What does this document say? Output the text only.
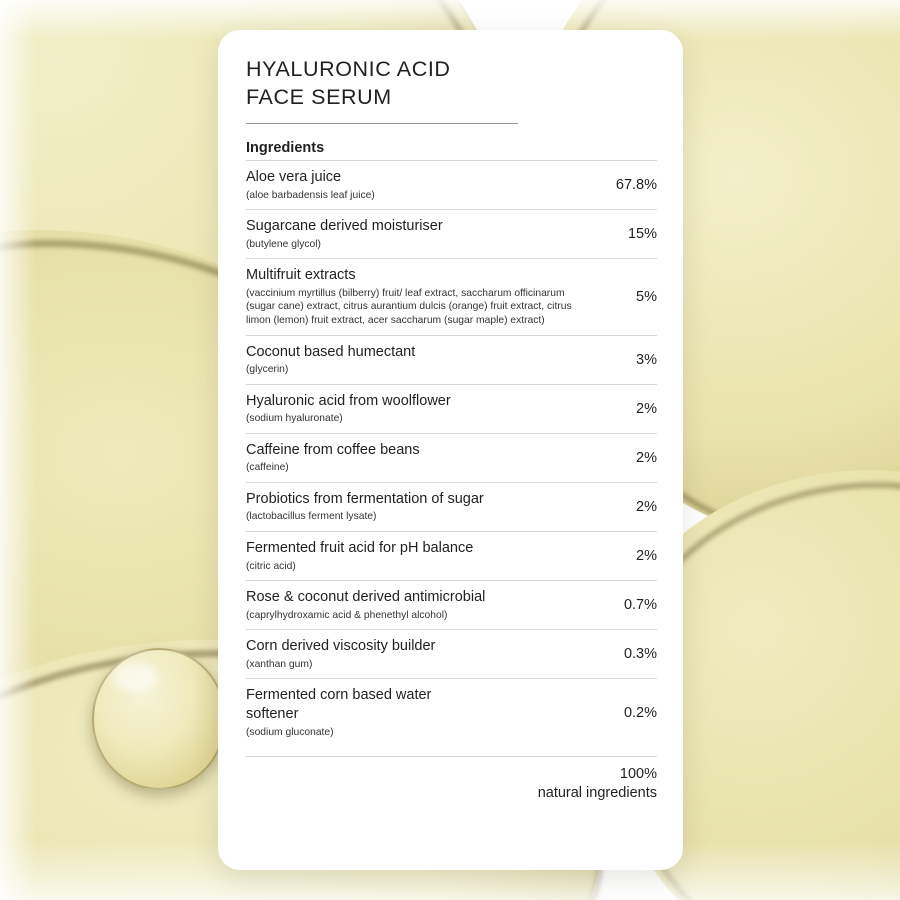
HYALURONIC ACID
FACE SERUM
Ingredients
Aloe vera juice
(aloe barbadensis leaf juice)
67.8%
Sugarcane derived moisturiser
(butylene glycol)
15%
Multifruit extracts
(vaccinium myrtillus (bilberry) fruit/ leaf extract, saccharum officinarum (sugar cane) extract, citrus aurantium dulcis (orange) fruit extract, citrus limon (lemon) fruit extract, acer saccharum (sugar maple) extract)
5%
Coconut based humectant
(glycerin)
3%
Hyaluronic acid from woolflower
(sodium hyaluronate)
2%
Caffeine from coffee beans
(caffeine)
2%
Probiotics from fermentation of sugar
(lactobacillus ferment lysate)
2%
Fermented fruit acid for pH balance
(citric acid)
2%
Rose & coconut derived antimicrobial
(caprylhydroxamic acid & phenethyl alcohol)
0.7%
Corn derived viscosity builder
(xanthan gum)
0.3%
Fermented corn based water softener
(sodium gluconate)
0.2%
100%
natural ingredients
